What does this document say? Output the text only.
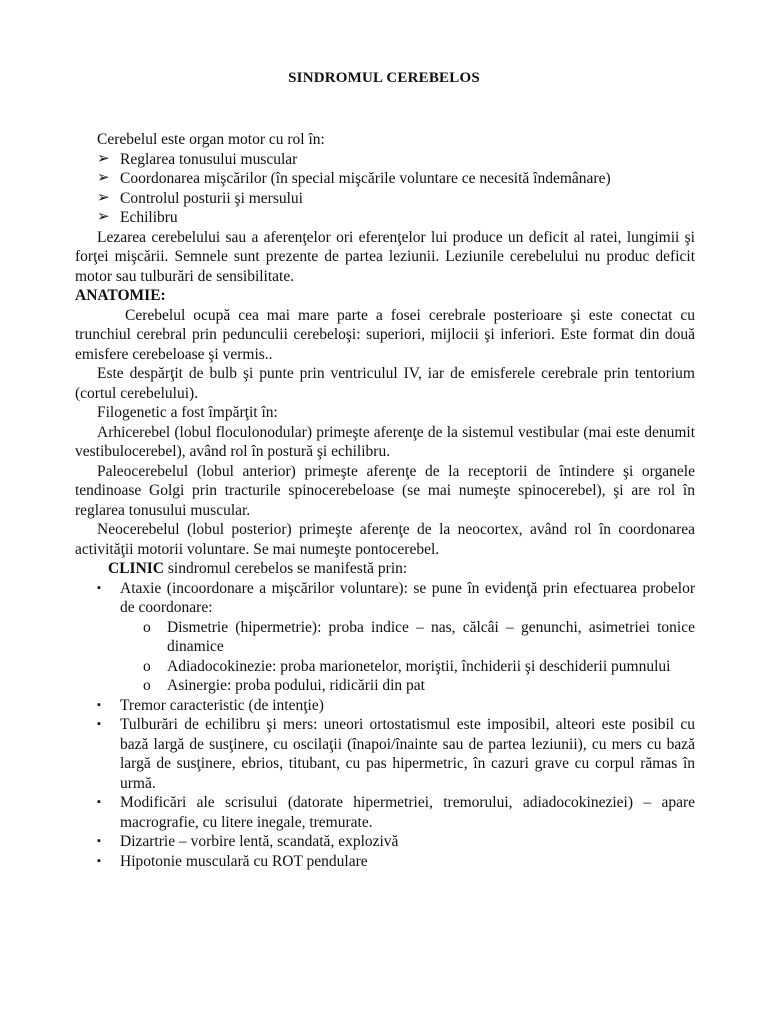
SINDROMUL CEREBELOS

Cerebelul este organ motor cu rol în:

➢ Reglarea tonusului muscular
➢ Coordonarea mişcărilor (în special mişcările voluntare ce necesită îndemânare)
➢ Controlul posturii şi mersului
➢ Echilibru

Lezarea cerebelului sau a aferenţelor ori eferenţelor lui produce un deficit al ratei, lungimii şi forţei mişcării. Semnele sunt prezente de partea leziunii. Leziunile cerebelului nu produc deficit motor sau tulburări de sensibilitate.

ANATOMIE:

Cerebelul ocupă cea mai mare parte a fosei cerebrale posterioare şi este conectat cu trunchiul cerebral prin pedunculii cerebeloşi: superiori, mijlocii şi inferiori. Este format din două emisfere cerebeloase şi vermis..

Este despărţit de bulb şi punte prin ventriculul IV, iar de emisferele cerebrale prin tentorium (cortul cerebelului).

Filogenetic a fost împărţit în:

Arhicerebel (lobul floculonodular) primeşte aferenţe de la sistemul vestibular (mai este denumit vestibulocerebel), având rol în postură şi echilibru.

Paleocerebelul (lobul anterior) primeşte aferenţe de la receptorii de întindere şi organele tendinoase Golgi prin tracturile spinocerebeloase (se mai numeşte spinocerebel), şi are rol în reglarea tonusului muscular.

Neocerebelul (lobul posterior) primeşte aferenţe de la neocortex, având rol în coordonarea activităţii motorii voluntare. Se mai numeşte pontocerebel.

CLINIC sindromul cerebelos se manifestă prin:

▪ Ataxie (incoordonare a mişcărilor voluntare): se pune în evidenţă prin efectuarea probelor de coordonare:
o Dismetrie (hipermetrie): proba indice – nas, călcâi – genunchi, asimetriei tonice dinamice
o Adiadocokinezie: proba marionetelor, moriştii, închiderii şi deschiderii pumnului
o Asinergie: proba podului, ridicării din pat
▪ Tremor caracteristic (de intenţie)
▪ Tulburări de echilibru şi mers: uneori ortostatismul este imposibil, alteori este posibil cu bază largă de susţinere, cu oscilaţii (înapoi/înainte sau de partea leziunii), cu mers cu bază largă de susţinere, ebrios, titubant, cu pas hipermetric, în cazuri grave cu corpul rămas în urmă.
▪ Modificări ale scrisului (datorate hipermetriei, tremorului, adiadocokineziei) – apare macrografie, cu litere inegale, tremurate.
▪ Dizartrie – vorbire lentă, scandată, explozivă
▪ Hipotonie musculară cu ROT pendulare
